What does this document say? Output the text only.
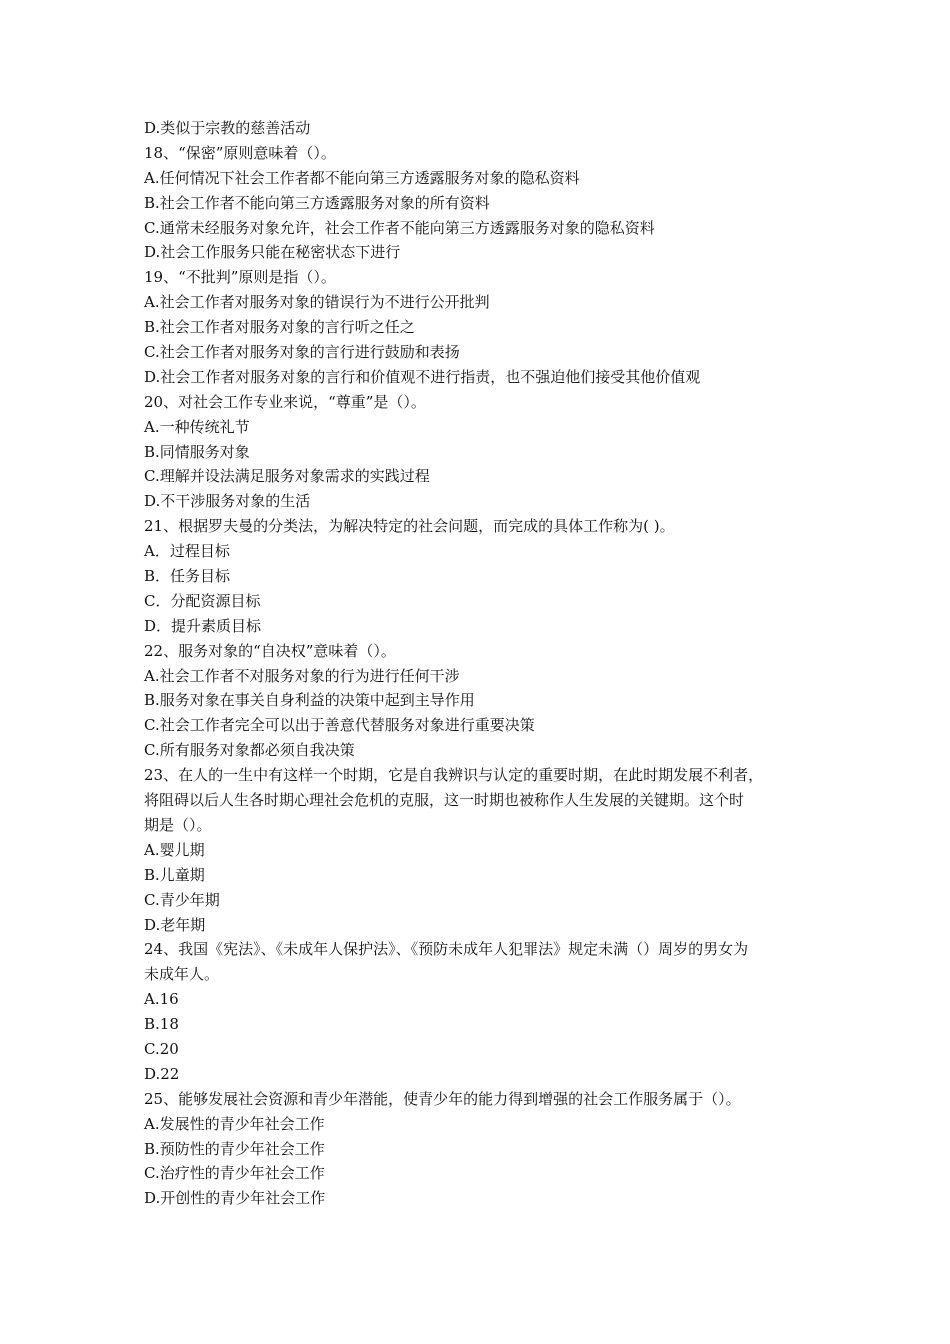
D.类似于宗教的慈善活动
18、“保密”原则意味着（）。
A.任何情况下社会工作者都不能向第三方透露服务对象的隐私资料
B.社会工作者不能向第三方透露服务对象的所有资料
C.通常未经服务对象允许，社会工作者不能向第三方透露服务对象的隐私资料
D.社会工作服务只能在秘密状态下进行
19、“不批判”原则是指（）。
A.社会工作者对服务对象的错误行为不进行公开批判
B.社会工作者对服务对象的言行听之任之
C.社会工作者对服务对象的言行进行鼓励和表扬
D.社会工作者对服务对象的言行和价值观不进行指责，也不强迫他们接受其他价值观
20、对社会工作专业来说，“尊重”是（）。
A.一种传统礼节
B.同情服务对象
C.理解并设法满足服务对象需求的实践过程
D.不干涉服务对象的生活
21、根据罗夫曼的分类法，为解决特定的社会问题，而完成的具体工作称为( )。
A．过程目标
B．任务目标
C．分配资源目标
D．提升素质目标
22、服务对象的“自决权”意味着（）。
A.社会工作者不对服务对象的行为进行任何干涉
B.服务对象在事关自身利益的决策中起到主导作用
C.社会工作者完全可以出于善意代替服务对象进行重要决策
C.所有服务对象都必须自我决策
23、在人的一生中有这样一个时期，它是自我辨识与认定的重要时期，在此时期发展不利者，
将阻碍以后人生各时期心理社会危机的克服，这一时期也被称作人生发展的关键期。这个时
期是（）。
A.婴儿期
B.儿童期
C.青少年期
D.老年期
24、我国《宪法》、《未成年人保护法》、《预防未成年人犯罪法》规定未满（）周岁的男女为
未成年人。
A.16
B.18
C.20
D.22
25、能够发展社会资源和青少年潜能，使青少年的能力得到增强的社会工作服务属于（）。
A.发展性的青少年社会工作
B.预防性的青少年社会工作
C.治疗性的青少年社会工作
D.开创性的青少年社会工作
